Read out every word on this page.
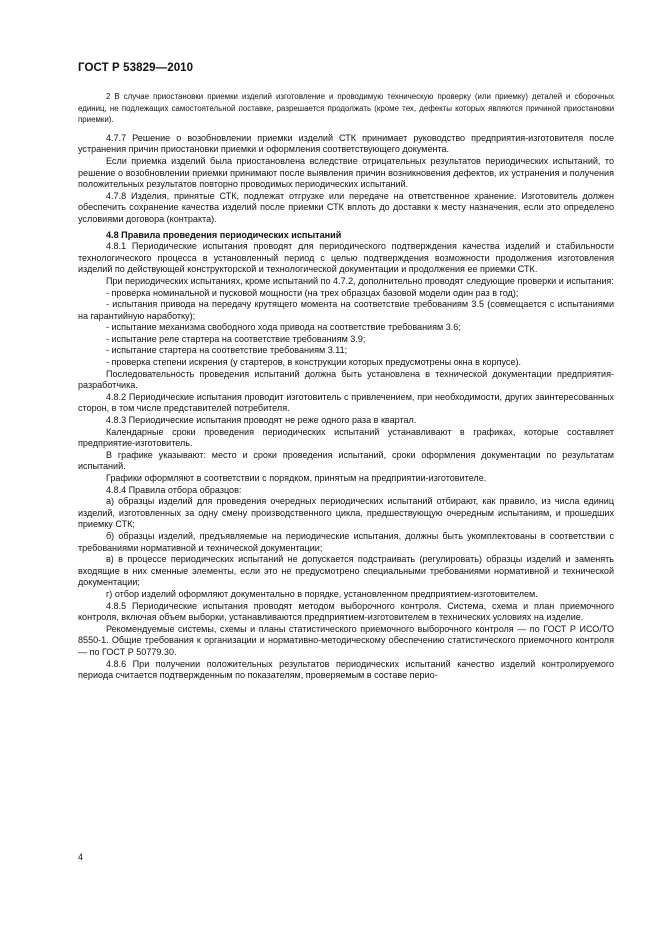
ГОСТ Р 53829—2010
2 В случае приостановки приемки изделий изготовление и проводимую техническую проверку (или приемку) деталей и сборочных единиц, не подлежащих самостоятельной поставке, разрешается продолжать (кроме тех, дефекты которых являются причиной приостановки приемки).

4.7.7 Решение о возобновлении приемки изделий СТК принимает руководство предприятия-изготовителя после устранения причин приостановки приемки и оформления соответствующего документа.

Если приемка изделий была приостановлена вследствие отрицательных результатов периодических испытаний, то решение о возобновлении приемки принимают после выявления причин возникновения дефектов, их устранения и получения положительных результатов повторно проводимых периодических испытаний.

4.7.8 Изделия, принятые СТК, подлежат отгрузке или передаче на ответственное хранение. Изготовитель должен обеспечить сохранение качества изделий после приемки СТК вплоть до доставки к месту назначения, если это определено условиями договора (контракта).

4.8 Правила проведения периодических испытаний

4.8.1 Периодические испытания проводят для периодического подтверждения качества изделий и стабильности технологического процесса в установленный период с целью подтверждения возможности продолжения изготовления изделий по действующей конструкторской и технологической документации и продолжения ее приемки СТК.

При периодических испытаниях, кроме испытаний по 4.7.2, дополнительно проводят следующие проверки и испытания:

- проверка номинальной и пусковой мощности (на трех образцах базовой модели один раз в год);

- испытания привода на передачу крутящего момента на соответствие требованиям 3.5 (совмещается с испытаниями на гарантийную наработку);

- испытание механизма свободного хода привода на соответствие требованиям 3.6;

- испытание реле стартера на соответствие требованиям 3.9;

- испытание стартера на соответствие требованиям 3.11;

- проверка степени искрения (у стартеров, в конструкции которых предусмотрены окна в корпусе).

Последовательность проведения испытаний должна быть установлена в технической документации предприятия-разработчика.

4.8.2 Периодические испытания проводит изготовитель с привлечением, при необходимости, других заинтересованных сторон, в том числе представителей потребителя.

4.8.3 Периодические испытания проводят не реже одного раза в квартал.

Календарные сроки проведения периодических испытаний устанавливают в графиках, которые составляет предприятие-изготовитель.

В графике указывают: место и сроки проведения испытаний, сроки оформления документации по результатам испытаний.

Графики оформляют в соответствии с порядком, принятым на предприятии-изготовителе.

4.8.4 Правила отбора образцов:

а) образцы изделий для проведения очередных периодических испытаний отбирают, как правило, из числа единиц изделий, изготовленных за одну смену производственного цикла, предшествующую очередным испытаниям, и прошедших приемку СТК;

б) образцы изделий, предъявляемые на периодические испытания, должны быть укомплектованы в соответствии с требованиями нормативной и технической документации;

в) в процессе периодических испытаний не допускается подстраивать (регулировать) образцы изделий и заменять входящие в них сменные элементы, если это не предусмотрено специальными требованиями нормативной и технической документации;

г) отбор изделий оформляют документально в порядке, установленном предприятием-изготовителем.

4.8.5 Периодические испытания проводят методом выборочного контроля. Система, схема и план приемочного контроля, включая объем выборки, устанавливаются предприятием-изготовителем в технических условиях на изделие.

Рекомендуемые системы, схемы и планы статистического приемочного выборочного контроля — по ГОСТ Р ИСО/ТО 8550-1. Общие требования к организации и нормативно-методическому обеспечению статистического приемочного контроля — по ГОСТ Р 50779.30.

4.8.6 При получении положительных результатов периодических испытаний качество изделий контролируемого периода считается подтвержденным по показателям, проверяемым в составе перио-

4
